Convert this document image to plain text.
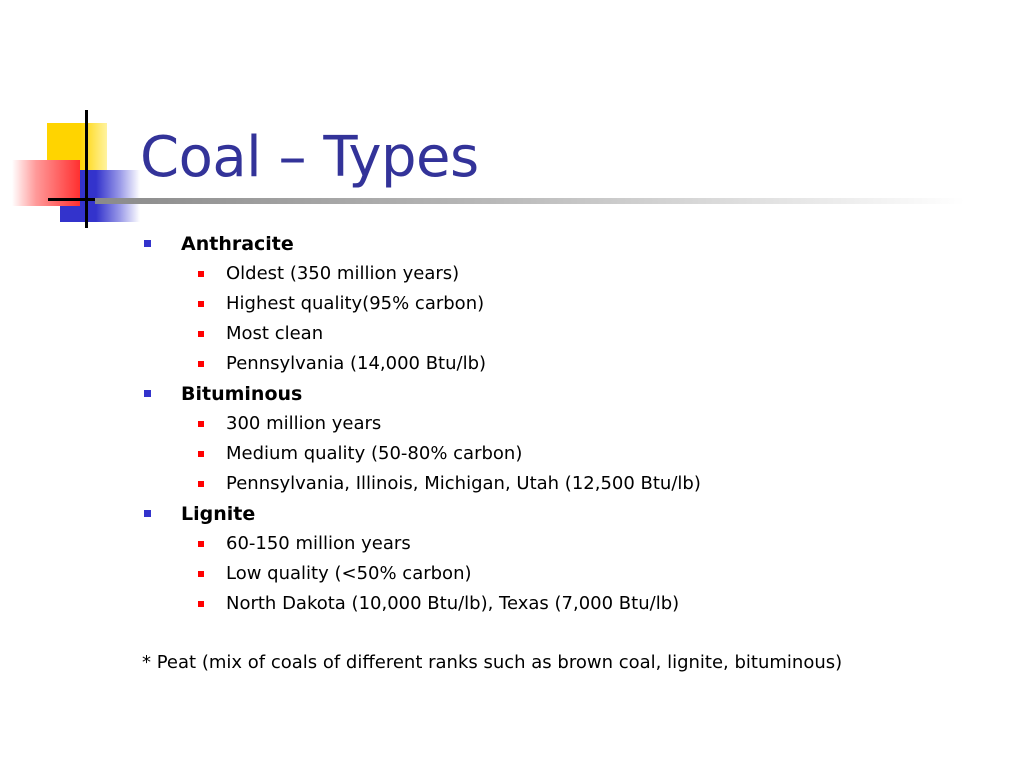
Coal – Types
Anthracite
Oldest (350 million years)
Highest quality(95% carbon)
Most clean
Pennsylvania (14,000 Btu/lb)
Bituminous
300 million years
Medium quality (50-80% carbon)
Pennsylvania, Illinois, Michigan, Utah (12,500 Btu/lb)
Lignite
60-150 million years
Low quality (<50% carbon)
North Dakota (10,000 Btu/lb), Texas (7,000 Btu/lb)
* Peat (mix of coals of different ranks such as brown coal, lignite, bituminous)
